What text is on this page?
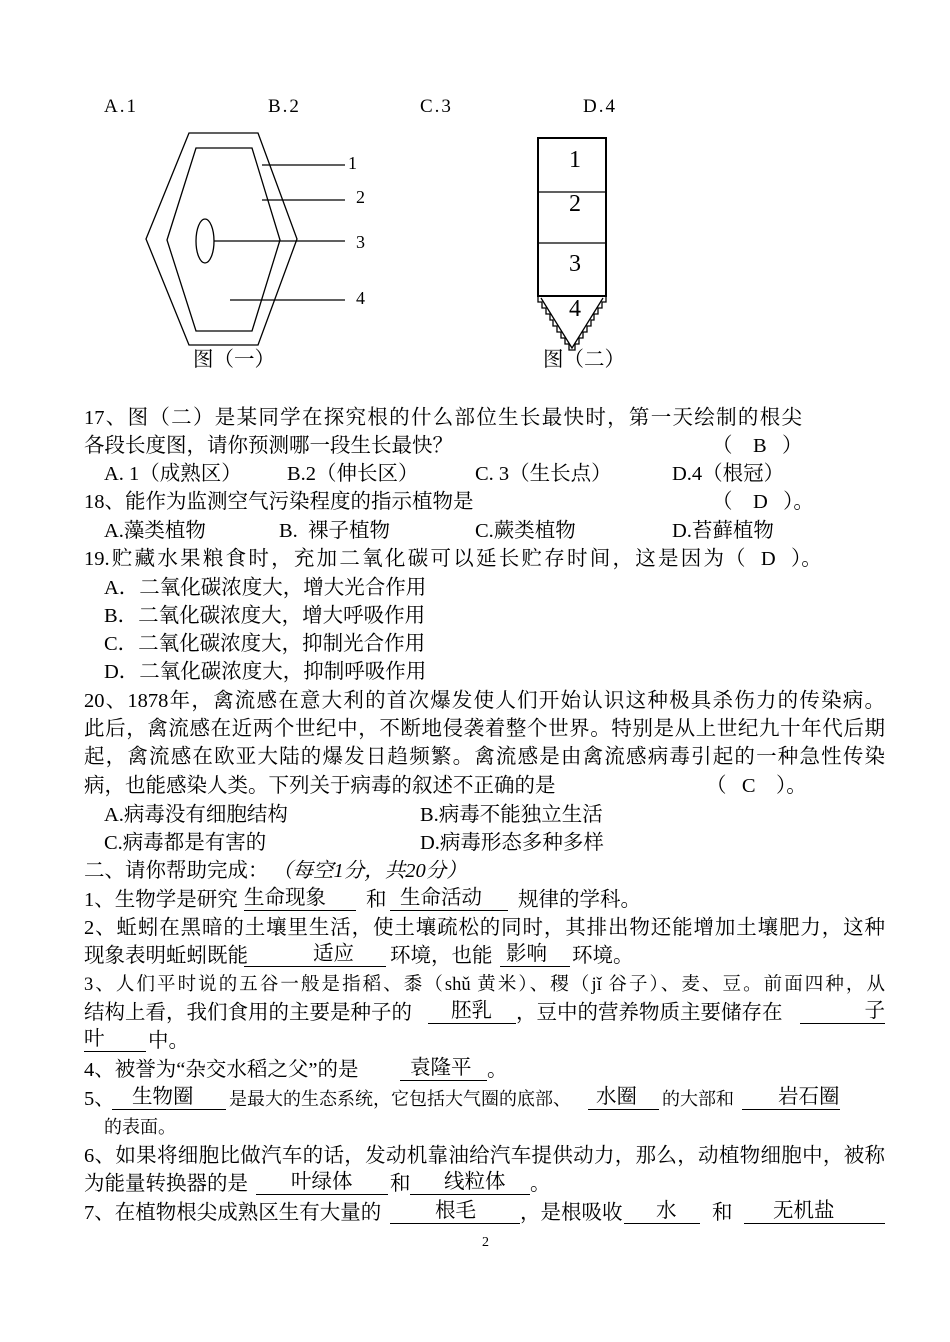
1
2
3
4
1
2
3
4
A.1	B.2	C.3	D.4
图（一）	图（二）
17、图（二）是某同学在探究根的什么部位生长最快时，第一天绘制的根尖
各段长度图，请你预测哪一段生长最快？	（    B   ）
A. 1（成熟区） B.2（伸长区）	C. 3（生长点）	D.4（根冠）
18、能作为监测空气污染程度的指示植物是	（    D   ）。
A.藻类植物	B.  裸子植物	C.蕨类植物	D.苔藓植物
19.贮藏水果粮食时，充加二氧化碳可以延长贮存时间，这是因为 （   D   ）。
A．二氧化碳浓度大，增大光合作用
B．二氧化碳浓度大，增大呼吸作用
C．二氧化碳浓度大，抑制光合作用
D．二氧化碳浓度大，抑制呼吸作用
20、1878年，禽流感在意大利的首次爆发使人们开始认识这种极具杀伤力的传染病。
此后，禽流感在近两个世纪中，不断地侵袭着整个世界。特别是从上世纪九十年代后期
起，禽流感在欧亚大陆的爆发日趋频繁。禽流感是由禽流感病毒引起的一种急性传染
病，也能感染人类。下列关于病毒的叙述不正确的是	（   C    ）。
A.病毒没有细胞结构	B.病毒不能独立生活
C.病毒都是有害的	D.病毒形态多种多样
二、请你帮助完成： （每空1分，共20分）
1、生物学是研究 生命现象	和 生命活动	规律的学科。
2、蚯蚓在黑暗的土壤里生活，使土壤疏松的同时，其排出物还能增加土壤肥力，这种
现象表明蚯蚓既能	适应	环境，也能 影响	环境。
3、人们平时说的五谷一般是指稻、黍（shǔ 黄米）、稷（jǐ 谷子）、麦、豆。前面四种，从
结构上看，我们食用的主要是种子的	胚乳	，豆中的营养物质主要储存在	子
叶	中。
4、被誉为“杂交水稻之父”的是	袁隆平 。
5、 生物圈	是最大的生态系统，它包括大气圈的底部、	水圈	的大部和	岩石圈
的表面。
6、如果将细胞比做汽车的话，发动机靠油给汽车提供动力，那么，动植物细胞中，被称
为能量转换器的是	叶绿体	和	线粒体	。
7、在植物根尖成熟区生有大量的	根毛	，是根吸收	水	和	无机盐
2
